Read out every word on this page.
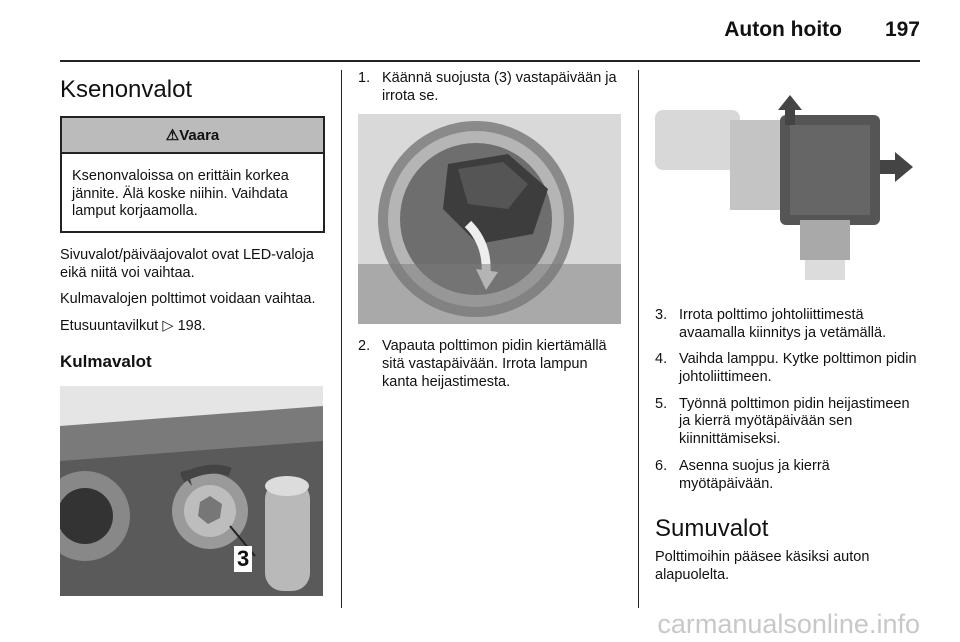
Auton hoito 197
Ksenonvalot
⚠Vaara
Ksenonvaloissa on erittäin korkea jännite. Älä koske niihin. Vaihdata lamput korjaamolla.

Sivuvalot/päiväajovalot ovat LED-valoja eikä niitä voi vaihtaa.

Kulmavalojen polttimot voidaan vaihtaa.

Etusuuntavilkut ▷ 198.

Kulmavalot
3
1. Käännä suojusta (3) vastapäivään ja irrota se.
2. Vapauta polttimon pidin kiertämällä sitä vastapäivään. Irrota lampun kanta heijastimesta.
3. Irrota polttimo johtoliittimestä avaamalla kiinnitys ja vetämällä.
4. Vaihda lamppu. Kytke polttimon pidin johtoliittimeen.
5. Työnnä polttimon pidin heijastimeen ja kierrä myötäpäivään sen kiinnittämiseksi.
6. Asenna suojus ja kierrä myötäpäivään.
Sumuvalot

Polttimoihin pääsee käsiksi auton alapuolelta.

carmanualsonline.info
